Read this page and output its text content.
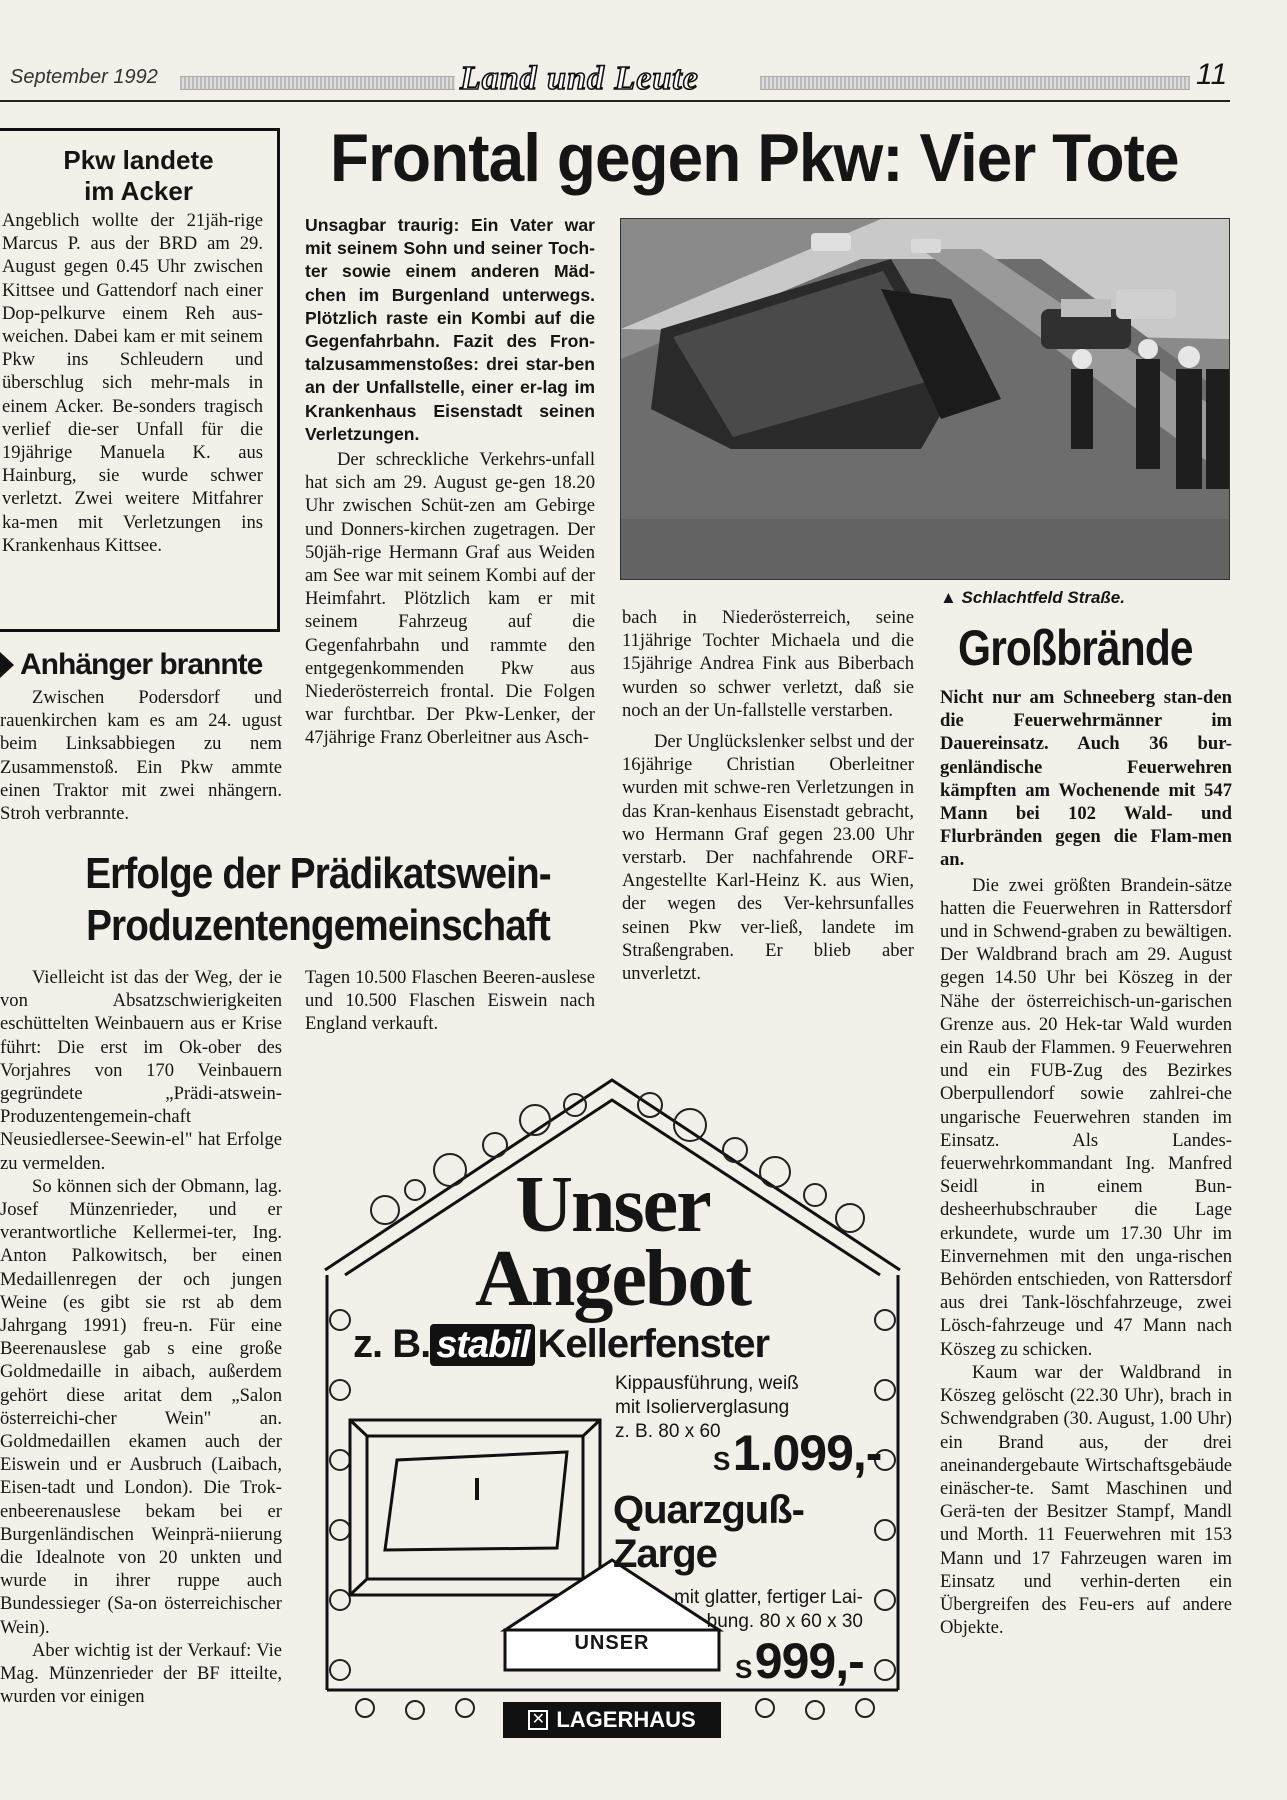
September 1992	Land und Leute	11
Pkw landete
im Acker

Angeblich wollte der 21jäh-rige Marcus P. aus der BRD am 29. August gegen 0.45 Uhr zwischen Kittsee und Gattendorf nach einer Dop-pelkurve einem Reh aus-weichen. Dabei kam er mit seinem Pkw ins Schleudern und überschlug sich mehr-mals in einem Acker. Be-sonders tragisch verlief die-ser Unfall für die 19jährige Manuela K. aus Hainburg, sie wurde schwer verletzt. Zwei weitere Mitfahrer ka-men mit Verletzungen ins Krankenhaus Kittsee.

Anhänger brannte

Zwischen Podersdorf und rauenkirchen kam es am 24. ugust beim Linksabbiegen zu nem Zusammenstoß. Ein Pkw ammte einen Traktor mit zwei nhängern. Stroh verbrannte.

Frontal gegen Pkw: Vier Tote
Unsagbar traurig: Ein Vater war mit seinem Sohn und seiner Toch-ter sowie einem anderen Mäd-chen im Burgenland unterwegs. Plötzlich raste ein Kombi auf die Gegenfahrbahn. Fazit des Fron-talzusammenstoßes: drei star-ben an der Unfallstelle, einer er-lag im Krankenhaus Eisenstadt seinen Verletzungen.

Der schreckliche Verkehrs-unfall hat sich am 29. August ge-gen 18.20 Uhr zwischen Schüt-zen am Gebirge und Donners-kirchen zugetragen. Der 50jäh-rige Hermann Graf aus Weiden am See war mit seinem Kombi auf der Heimfahrt. Plötzlich kam er mit seinem Fahrzeug auf die Gegenfahrbahn und rammte den entgegenkommenden Pkw aus Niederösterreich frontal. Die Folgen war furchtbar. Der Pkw-Lenker, der 47jährige Franz Oberleitner aus Asch-

▲ Schlachtfeld Straße.

bach in Niederösterreich, seine 11jährige Tochter Michaela und die 15jährige Andrea Fink aus Biberbach wurden so schwer verletzt, daß sie noch an der Un-fallstelle verstarben.

Der Unglückslenker selbst und der 16jährige Christian Oberleitner wurden mit schwe-ren Verletzungen in das Kran-kenhaus Eisenstadt gebracht, wo Hermann Graf gegen 23.00 Uhr verstarb. Der nachfahrende ORF-Angestellte Karl-Heinz K. aus Wien, der wegen des Ver-kehrsunfalles seinen Pkw ver-ließ, landete im Straßengraben. Er blieb aber unverletzt.

Großbrände
Nicht nur am Schneeberg stan-den die Feuerwehrmänner im Dauereinsatz. Auch 36 bur-genländische Feuerwehren kämpften am Wochenende mit 547 Mann bei 102 Wald- und Flurbränden gegen die Flam-men an.

Die zwei größten Brandein-sätze hatten die Feuerwehren in Rattersdorf und in Schwend-graben zu bewältigen. Der Waldbrand brach am 29. August gegen 14.50 Uhr bei Köszeg in der Nähe der österreichisch-un-garischen Grenze aus. 20 Hek-tar Wald wurden ein Raub der Flammen. 9 Feuerwehren und ein FUB-Zug des Bezirkes Oberpullendorf sowie zahlrei-che ungarische Feuerwehren standen im Einsatz. Als Landes-feuerwehrkommandant Ing. Manfred Seidl in einem Bun-desheerhubschrauber die Lage erkundete, wurde um 17.30 Uhr im Einvernehmen mit den unga-rischen Behörden entschieden, von Rattersdorf aus drei Tank-löschfahrzeuge, zwei Lösch-fahrzeuge und 47 Mann nach Köszeg zu schicken.

Kaum war der Waldbrand in Köszeg gelöscht (22.30 Uhr), brach in Schwendgraben (30. August, 1.00 Uhr) ein Brand aus, der drei aneinandergebaute Wirtschaftsgebäude einäscher-te. Samt Maschinen und Gerä-ten der Besitzer Stampf, Mandl und Morth. 11 Feuerwehren mit 153 Mann und 17 Fahrzeugen waren im Einsatz und verhin-derten ein Übergreifen des Feu-ers auf andere Objekte.

Erfolge der Prädikatswein-
Produzentengemeinschaft

Vielleicht ist das der Weg, der ie von Absatzschwierigkeiten eschüttelten Weinbauern aus er Krise führt: Die erst im Ok-ober des Vorjahres von 170 Veinbauern gegründete „Prädi-atswein-Produzentengemein-chaft Neusiedlersee-Seewin-el" hat Erfolge zu vermelden.

So können sich der Obmann, lag. Josef Münzenrieder, und er verantwortliche Kellermei-ter, Ing. Anton Palkowitsch, ber einen Medaillenregen der och jungen Weine (es gibt sie rst ab dem Jahrgang 1991) freu-n. Für eine Beerenauslese gab s eine große Goldmedaille in aibach, außerdem gehört diese aritat dem „Salon österreichi-cher Wein" an. Goldmedaillen ekamen auch der Eiswein und er Ausbruch (Laibach, Eisen-tadt und London). Die Trok-enbeerenauslese bekam bei er Burgenländischen Weinprä-niierung die Idealnote von 20 unkten und wurde in ihrer ruppe auch Bundessieger (Sa-on österreichischer Wein).

Aber wichtig ist der Verkauf: Vie Mag. Münzenrieder der BF itteilte, wurden vor einigen

Tagen 10.500 Flaschen Beeren-auslese und 10.500 Flaschen Eiswein nach England verkauft.

Unser
Angebot
z. B. stabil Kellerfenster
Kippausführung, weiß
mit Isolierverglasung
z. B. 80 x 60
S 1.099,-
Quarzguß-
Zarge
mit glatter, fertiger Lai-
bung. 80 x 60 x 30
S 999,-
UNSER
✕ LAGERHAUS
